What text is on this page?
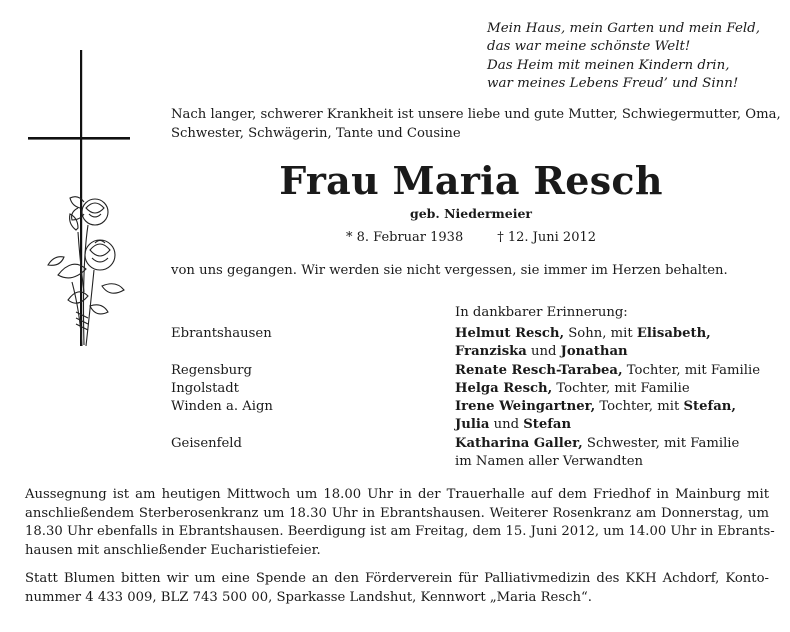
Mein Haus, mein Garten und mein Feld,
das war meine schönste Welt!
Das Heim mit meinen Kindern drin,
war meines Lebens Freud’ und Sinn!
Nach langer, schwerer Krankheit ist unsere liebe und gute Mutter, Schwiegermutter, Oma,
Schwester, Schwägerin, Tante und Cousine
Frau Maria Resch
geb. Niedermeier
* 8. Februar 1938	† 12. Juni 2012
von uns gegangen. Wir werden sie nicht vergessen, sie immer im Herzen behalten.
In dankbarer Erinnerung:
Ebrantshausen
Regensburg
Ingolstadt
Winden a. Aign
Geisenfeld
Helmut Resch, Sohn, mit Elisabeth,
Franziska und Jonathan
Renate Resch-Tarabea, Tochter, mit Familie
Helga Resch, Tochter, mit Familie
Irene Weingartner, Tochter, mit Stefan,
Julia und Stefan
Katharina Galler, Schwester, mit Familie
im Namen aller Verwandten
Aussegnung ist am heutigen Mittwoch um 18.00 Uhr in der Trauerhalle auf dem Friedhof in Mainburg mit
anschließendem Sterberosenkranz um 18.30 Uhr in Ebrantshausen. Weiterer Rosenkranz am Donnerstag, um
18.30 Uhr ebenfalls in Ebrantshausen. Beerdigung ist am Freitag, dem 15. Juni 2012, um 14.00 Uhr in Ebrants-
hausen mit anschließender Eucharistiefeier.
Statt Blumen bitten wir um eine Spende an den Förderverein für Palliativmedizin des KKH Achdorf, Konto-
nummer 4 433 009, BLZ 743 500 00, Sparkasse Landshut, Kennwort „Maria Resch“.
